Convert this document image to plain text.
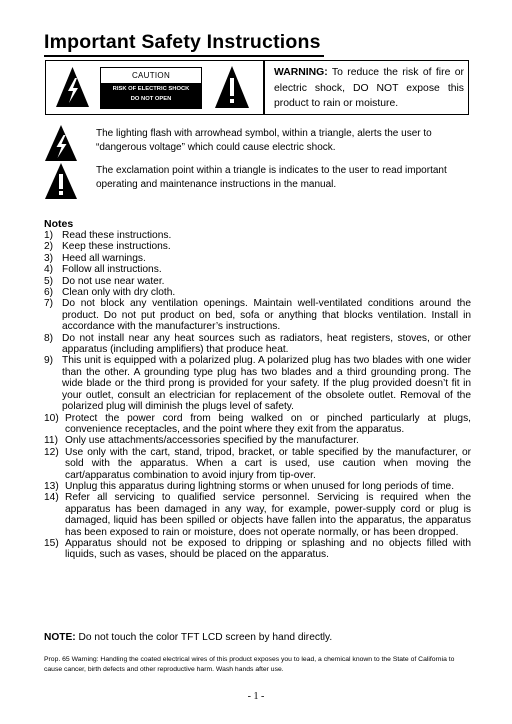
Important Safety Instructions
CAUTION
RISK OF ELECTRIC SHOCK
DO NOT OPEN
WARNING: To reduce the risk of fire or electric shock, DO NOT expose this product to rain or moisture.
The lighting flash with arrowhead symbol, within a triangle, alerts the user to “dangerous voltage” which could cause electric shock.
The exclamation point within a triangle is indicates to the user to read important operating and maintenance instructions in the manual.
Notes

1) Read these instructions.

2) Keep these instructions.

3) Heed all warnings.

4) Follow all instructions.

5) Do not use near water.

6) Clean only with dry cloth.

7) Do not block any ventilation openings. Maintain well-ventilated conditions around the product. Do not put product on bed, sofa or anything that blocks ventilation. Install in accordance with the manufacturer’s instructions.

8) Do not install near any heat sources such as radiators, heat registers, stoves, or other apparatus (including amplifiers) that produce heat.

9) This unit is equipped with a polarized plug. A polarized plug has two blades with one wider than the other. A grounding type plug has two blades and a third grounding prong. The wide blade or the third prong is provided for your safety. If the plug provided doesn’t fit in your outlet, consult an electrician for replacement of the obsolete outlet. Removal of the polarized plug will diminish the plugs level of safety.

10) Protect the power cord from being walked on or pinched particularly at plugs, convenience receptacles, and the point where they exit from the apparatus.

11) Only use attachments/accessories specified by the manufacturer.

12) Use only with the cart, stand, tripod, bracket, or table specified by the manufacturer, or sold with the apparatus. When a cart is used, use caution when moving the cart/apparatus combination to avoid injury from tip-over.

13) Unplug this apparatus during lightning storms or when unused for long periods of time.

14) Refer all servicing to qualified service personnel. Servicing is required when the apparatus has been damaged in any way, for example, power-supply cord or plug is damaged, liquid has been spilled or objects have fallen into the apparatus, the apparatus has been exposed to rain or moisture, does not operate normally, or has been dropped.

15) Apparatus should not be exposed to dripping or splashing and no objects filled with liquids, such as vases, should be placed on the apparatus.

NOTE: Do not touch the color TFT LCD screen by hand directly.
Prop. 65 Warning: Handling the coated electrical wires of this product exposes you to lead, a chemical known to the State of California to cause cancer, birth defects and other reproductive harm. Wash hands after use.
- 1 -
